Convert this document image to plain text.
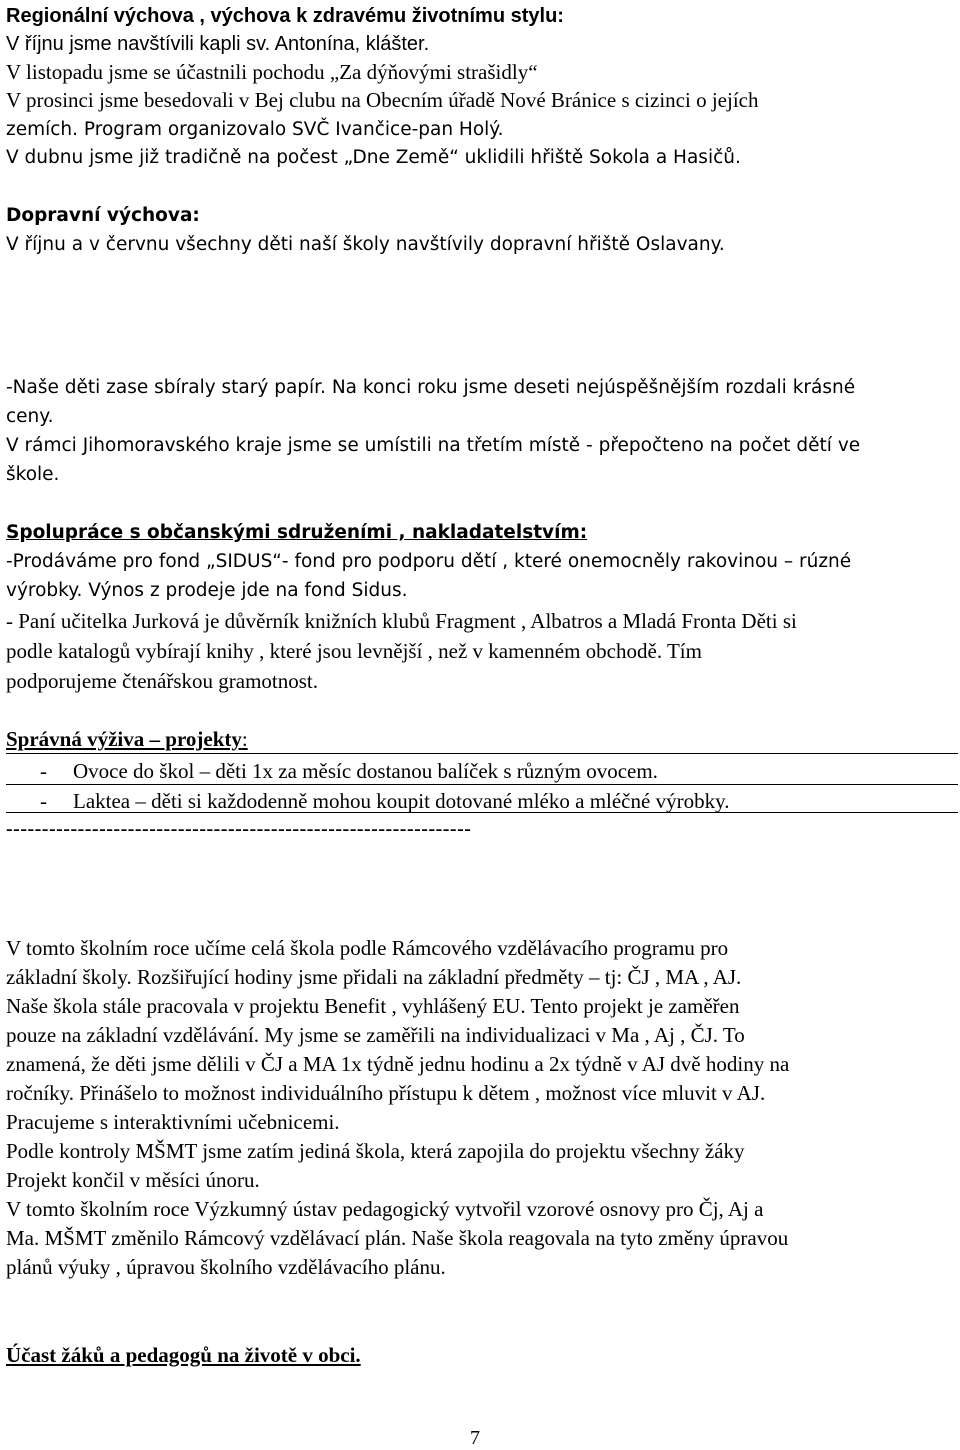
Regionální výchova , výchova k zdravému životnímu stylu:
V říjnu jsme navštívili kapli sv. Antonína, klášter.
V listopadu jsme se účastnili pochodu „Za dýňovými strašidly“
V prosinci jsme besedovali v Bej clubu na Obecním úřadě Nové Bránice s cizinci o jejích
zemích. Program organizovalo SVČ Ivančice-pan Holý.
V dubnu jsme již tradičně na počest „Dne Země“ uklidili hřiště Sokola a Hasičů.
Dopravní výchova:
V říjnu a v červnu všechny děti naší školy navštívily dopravní hřiště Oslavany.
-Naše děti zase sbíraly starý papír. Na konci roku jsme deseti nejúspěšnějším rozdali krásné
ceny.
V rámci Jihomoravského kraje jsme se umístili na třetím místě - přepočteno na počet dětí ve
škole.
Spolupráce s občanskými sdruženími , nakladatelstvím:
-Prodáváme pro fond „SIDUS“- fond pro podporu dětí , které onemocněly rakovinou – rúzné
výrobky. Výnos z prodeje jde na fond Sidus.
- Paní učitelka Jurková je důvěrník knižních klubů Fragment , Albatros a Mladá Fronta Děti si
podle katalogů vybírají knihy , které jsou levnější , než v kamenném obchodě. Tím
podporujeme čtenářskou gramotnost.
Správná výživa – projekty:
- Ovoce do škol – děti 1x za měsíc dostanou balíček s různým ovocem.
- Laktea – děti si každodenně mohou koupit dotované mléko a mléčné výrobky.
-----------------------------------------------------------------
V tomto školním roce učíme celá škola podle Rámcového vzdělávacího programu pro
základní školy. Rozšiřující hodiny jsme přidali na základní předměty – tj: ČJ , MA , AJ.
Naše škola stále pracovala v projektu Benefit , vyhlášený EU. Tento projekt je zaměřen
pouze na základní vzdělávání. My jsme se zaměřili na individualizaci v Ma , Aj , ČJ. To
znamená, že děti jsme dělili v ČJ a MA 1x týdně jednu hodinu a 2x týdně v AJ dvě hodiny na
ročníky. Přinášelo to možnost individuálního přístupu k dětem , možnost více mluvit v AJ.
Pracujeme s interaktivními učebnicemi.
Podle kontroly MŠMT jsme zatím jediná škola, která zapojila do projektu všechny žáky
Projekt končil v měsíci únoru.
V tomto školním roce Výzkumný ústav pedagogický vytvořil vzorové osnovy pro Čj, Aj a
Ma. MŠMT změnilo Rámcový vzdělávací plán. Naše škola reagovala na tyto změny úpravou
plánů výuky , úpravou školního vzdělávacího plánu.
Účast žáků a pedagogů na životě v obci.
7
